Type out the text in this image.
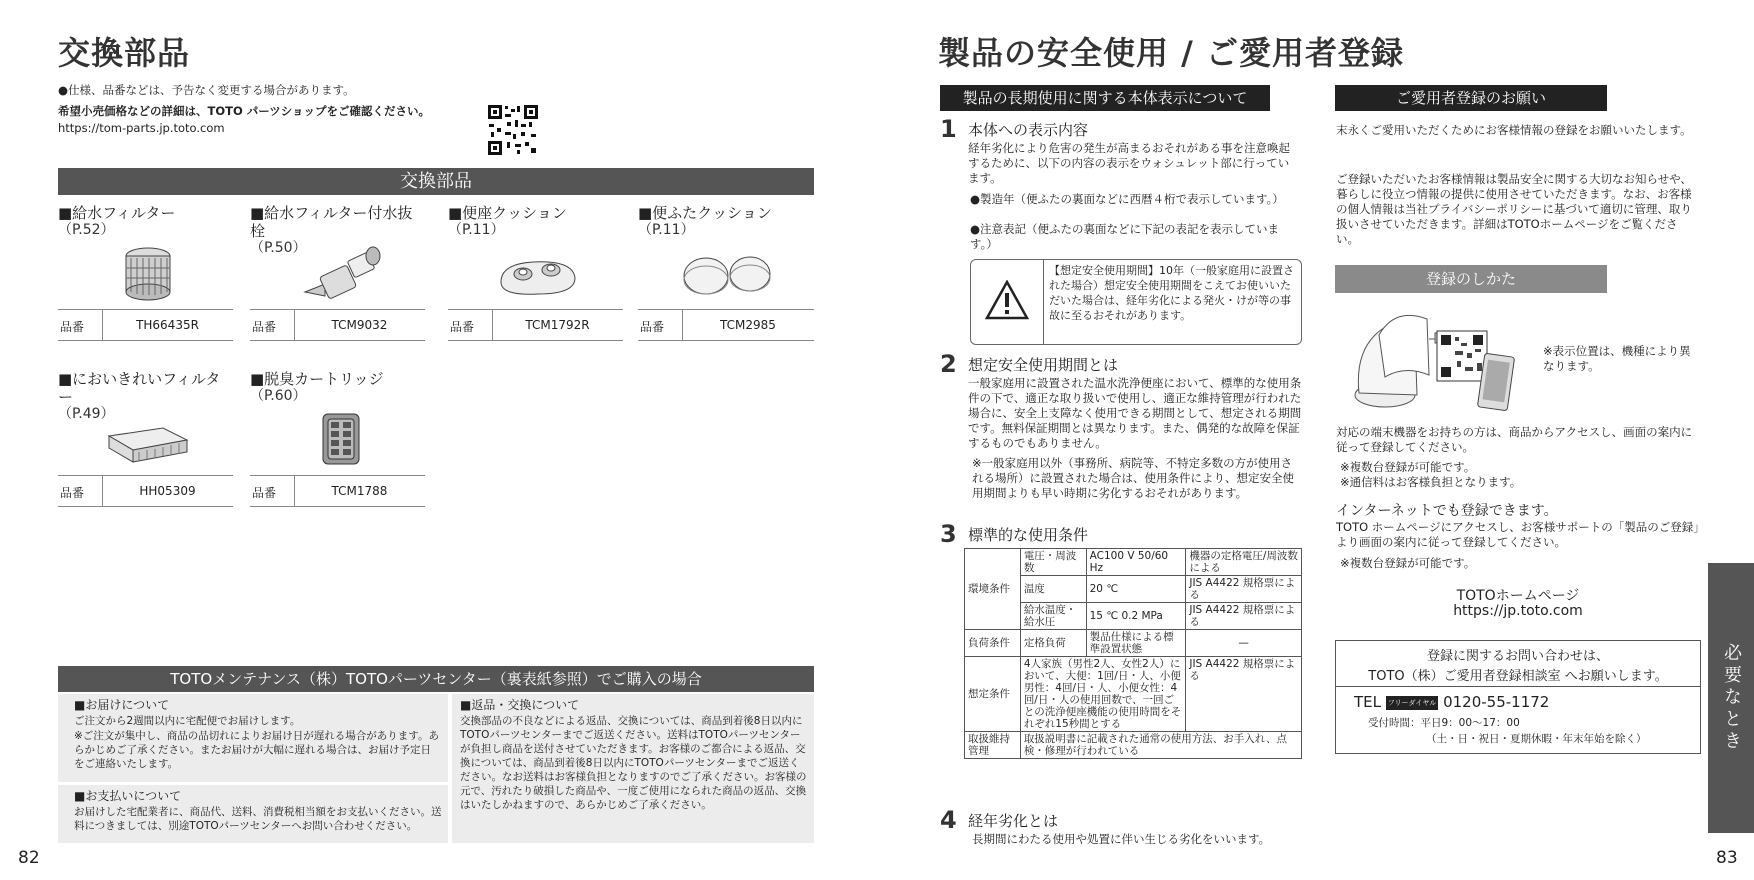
交換部品
●仕様、品番などは、予告なく変更する場合があります。
希望小売価格などの詳細は、TOTO パーツショップをご確認ください。
https://tom-parts.jp.toto.com
交換部品
■給水フィルター
（P.52）
品番	TH66435R
■給水フィルター付水抜栓
（P.50）
品番	TCM9032
■便座クッション
（P.11）
品番	TCM1792R
■便ふたクッション
（P.11）
品番	TCM2985
■においきれいフィルター
（P.49）
品番	HH05309
■脱臭カートリッジ
（P.60）
品番	TCM1788
TOTOメンテナンス（株）TOTOパーツセンター（裏表紙参照）でご購入の場合
■お届けについて
ご注文から2週間以内に宅配便でお届けします。
※ご注文が集中し、商品の品切れによりお届け日が遅れる場合があります。あらかじめご了承ください。またお届けが大幅に遅れる場合は、お届け予定日をご連絡いたします。
■お支払いについて
お届けした宅配業者に、商品代、送料、消費税相当額をお支払いください。送料につきましては、別途TOTOパーツセンターへお問い合わせください。
■返品・交換について
交換部品の不良などによる返品、交換については、商品到着後8日以内にTOTOパーツセンターまでご返送ください。送料はTOTOパーツセンターが負担し商品を送付させていただきます。お客様のご都合による返品、交換については、商品到着後8日以内にTOTOパーツセンターまでご返送ください。なお送料はお客様負担となりますのでご了承ください。お客様の元で、汚れたり破損した商品や、一度ご使用になられた商品の返品、交換はいたしかねますので、あらかじめご了承ください。
82
製品の安全使用 / ご愛用者登録
製品の長期使用に関する本体表示について
1 本体への表示内容
経年劣化により危害の発生が高まるおそれがある事を注意喚起するために、以下の内容の表示をウォシュレット部に行っています。
●製造年（便ふたの裏面などに西暦４桁で表示しています。）
●注意表記（便ふたの裏面などに下記の表記を表示しています。）
【想定安全使用期間】10年（一般家庭用に設置された場合）想定安全使用期間をこえてお使いいただいた場合は、経年劣化による発火・けが等の事故に至るおそれがあります。
2 想定安全使用期間とは
一般家庭用に設置された温水洗浄便座において、標準的な使用条件の下で、適正な取り扱いで使用し、適正な維持管理が行われた場合に、安全上支障なく使用できる期間として、想定される期間です。無料保証期間とは異なります。また、偶発的な故障を保証するものでもありません。
※一般家庭用以外（事務所、病院等、不特定多数の方が使用される場所）に設置された場合は、使用条件により、想定安全使用期間よりも早い時期に劣化するおそれがあります。
3 標準的な使用条件
環境条件	電圧・周波数	AC100 V 50/60 Hz	機器の定格電圧/周波数による
	温度	20 ℃	JIS A4422 規格票による
	給水温度・給水圧	15 ℃ 0.2 MPa	JIS A4422 規格票による
負荷条件	定格負荷	製品仕様による標準設置状態	—
想定条件	4人家族（男性2人、女性2人）において、大便：1回/日・人、小便男性：4回/日・人、小便女性：4回/日・人の使用回数で、一回ごとの洗浄便座機能の使用時間をそれぞれ15秒間とする		JIS A4422 規格票による
取扱維持管理	取扱説明書に記載された通常の使用方法、お手入れ、点検・修理が行われている		
4 経年劣化とは
長期間にわたる使用や処置に伴い生じる劣化をいいます。
ご愛用者登録のお願い
末永くご愛用いただくためにお客様情報の登録をお願いいたします。
ご登録いただいたお客様情報は製品安全に関する大切なお知らせや、暮らしに役立つ情報の提供に使用させていただきます。なお、お客様の個人情報は当社プライバシーポリシーに基づいて適切に管理、取り扱いさせていただきます。詳細はTOTOホームページをご覧ください。
登録のしかた
※表示位置は、機種により異なります。
対応の端末機器をお持ちの方は、商品からアクセスし、画面の案内に従って登録してください。
※複数台登録が可能です。
※通信料はお客様負担となります。
インターネットでも登録できます。
TOTO ホームページにアクセスし、お客様サポートの「製品のご登録」より画面の案内に従って登録してください。
※複数台登録が可能です。
TOTOホームページ
https://jp.toto.com
登録に関するお問い合わせは、
TOTO（株）ご愛用者登録相談室 へお願いします。
TEL フリーダイヤル 0120-55-1172
受付時間：平日9：00～17：00
（土・日・祝日・夏期休暇・年末年始を除く）	必要なとき
83
